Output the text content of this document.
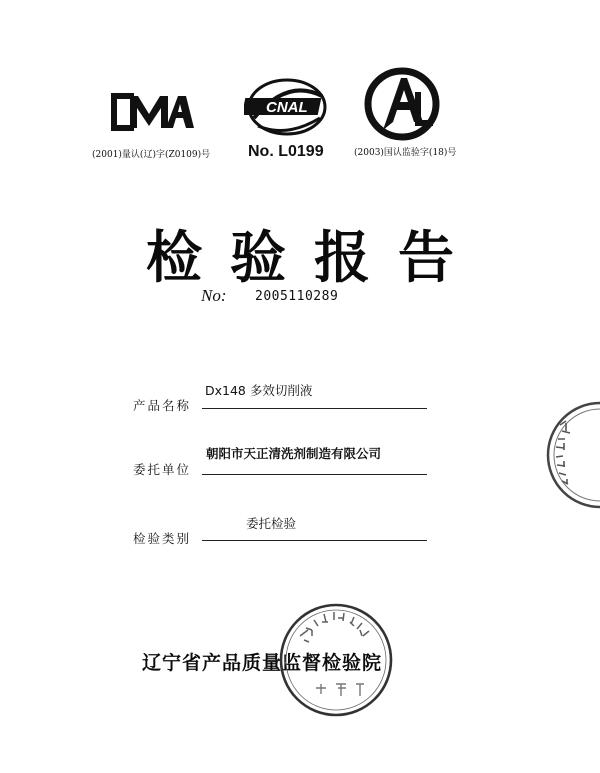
(2001)量认(辽)字(Z0109)号
CNAL
No. L0199	(2003)国认监验字(18)号
检验报告
No: 2005110289
产品名称
Dx148 多效切削液
委托单位
朝阳市天正清洗剂制造有限公司
检验类别
委托检验
辽宁省产品质量监督检验院
